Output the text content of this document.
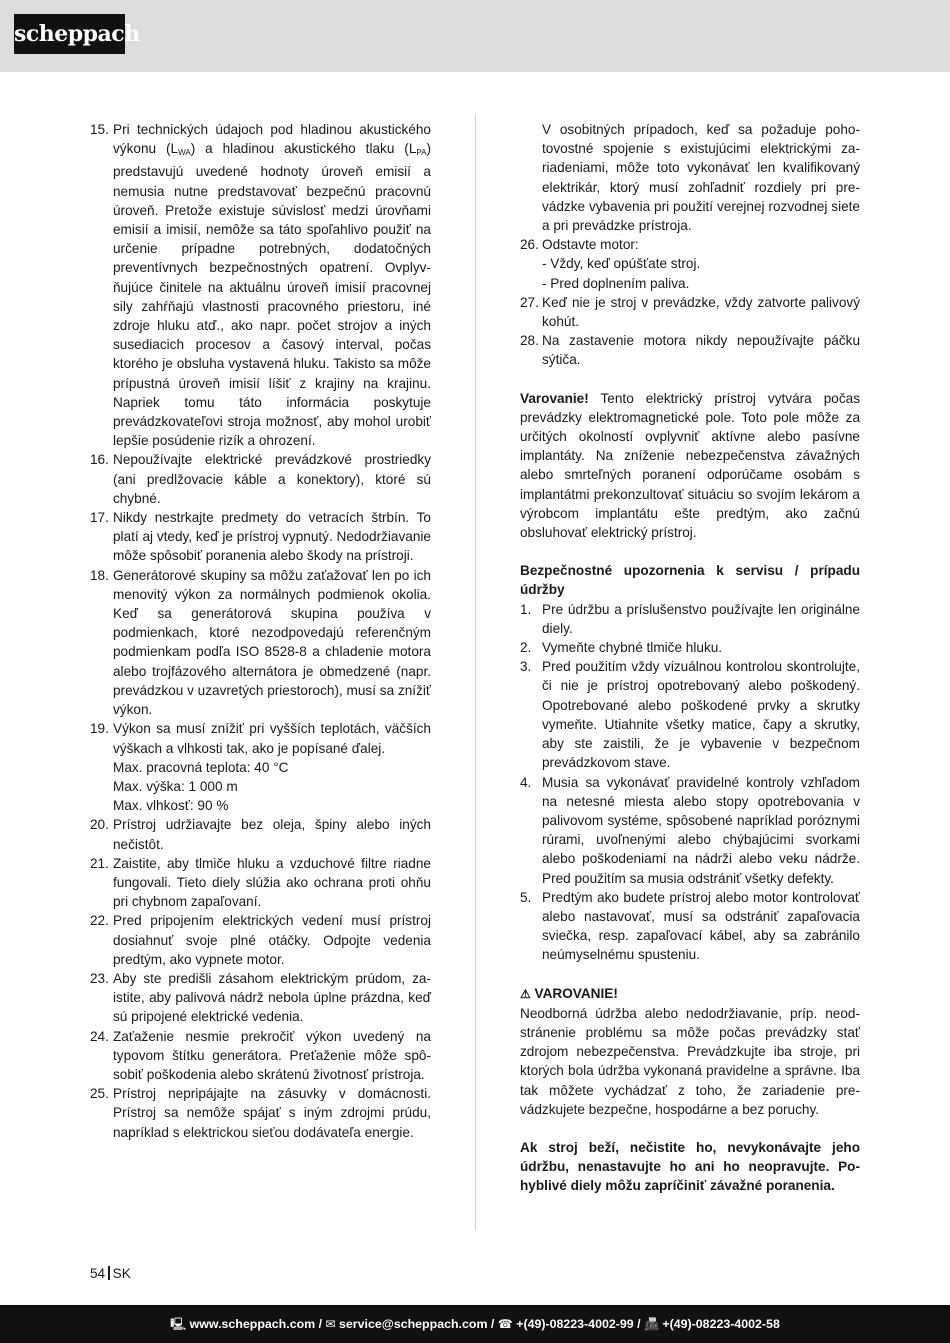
scheppach
15. Pri technických údajoch pod hladinou akustického výkonu $(L_{WA})$ a hladinou akustického tlaku $(L_{PA})$ predstavujú uvedené hodnoty úroveň emisií a nemusia nutne predstavovať bezpečnú pracovnú úroveň. Pretože existuje súvislosť medzi úrovňami emisií a imisií, nemôže sa táto spoľahlivo použiť na určenie prípadne potrebných, dodatočných preventívnych bezpečnostných opatrení. Ovplyvňujúce činitele na aktuálnu úroveň imisií pracovnej sily zahŕňajú vlastnosti pracovného priestoru, iné zdroje hluku atď., ako napr. počet strojov a iných susediacich procesov a časový interval, počas ktorého je obsluha vystavená hluku. Takisto sa môže prípustná úroveň imisií líšiť z krajiny na krajinu. Napriek tomu táto informácia poskytuje prevádzkovateľovi stroja možnosť, aby mohol urobiť lepšie posúdenie rizík a ohrození.
16. Nepoužívajte elektrické prevádzkové prostriedky (ani predlžovacie káble a konektory), ktoré sú chybné.
17. Nikdy nestrkajte predmety do vetracích štrbín. To platí aj vtedy, keď je prístroj vypnutý. Nedodržiavanie môže spôsobiť poranenia alebo škody na prístroji.
18. Generátorové skupiny sa môžu zaťažovať len po ich menovitý výkon za normálnych podmienok okolia. Keď sa generátorová skupina používa v podmienkach, ktoré nezodpovedajú referenčným podmienkam podľa ISO 8528-8 a chladenie motora alebo trojfázového alternátora je obmedzené (napr. prevádzkou v uzavretých priestoroch), musí sa znížiť výkon.
19. Výkon sa musí znížiť pri vyšších teplotách, väčších výškach a vlhkosti tak, ako je popísané ďalej.
Max. pracovná teplota: 40 °C
Max. výška: 1 000 m
Max. vlhkosť: 90 %
20. Prístroj udržiavajte bez oleja, špiny alebo iných nečistôt.
21. Zaistite, aby tlmiče hluku a vzduchové filtre riadne fungovali. Tieto diely slúžia ako ochrana proti ohňu pri chybnom zapaľovaní.
22. Pred pripojením elektrických vedení musí prístroj dosiahnuť svoje plné otáčky. Odpojte vedenia predtým, ako vypnete motor.
23. Aby ste predišli zásahom elektrickým prúdom, zaistite, aby palivová nádrž nebola úplne prázdna, keď sú pripojené elektrické vedenia.
24. Zaťaženie nesmie prekročiť výkon uvedený na typovom štítku generátora. Preťaženie môže spôsobiť poškodenia alebo skrátenú životnosť prístroja.
25. Prístroj nepripájajte na zásuvky v domácnosti. Prístroj sa nemôže spájať s iným zdrojmi prúdu, napríklad s elektrickou sieťou dodávateľa energie.
V osobitných prípadoch, keď sa požaduje pohotovostné spojenie s existujúcimi elektrickými zariadeniami, môže toto vykonávať len kvalifikovaný elektrikár, ktorý musí zohľadniť rozdiely pri prevádzke vybavenia pri použití verejnej rozvodnej siete a pri prevádzke prístroja.
26. Odstavte motor:
- Vždy, keď opúšťate stroj.
- Pred doplnením paliva.
27. Keď nie je stroj v prevádzke, vždy zatvorte palivový kohút.
28. Na zastavenie motora nikdy nepoužívajte páčku sýtiča.
Varovanie! Tento elektrický prístroj vytvára počas prevádzky elektromagnetické pole. Toto pole môže za určitých okolností ovplyvniť aktívne alebo pasívne implantáty. Na zníženie nebezpečenstva závažných alebo smrteľných poranení odporúčame osobám s implantátmi prekonzultovať situáciu so svojím lekárom a výrobcom implantátu ešte predtým, ako začnú obsluhovať elektrický prístroj.
Bezpečnostné upozornenia k servisu / prípadu údržby
1. Pre údržbu a príslušenstvo používajte len originálne diely.
2. Vymeňte chybné tlmiče hluku.
3. Pred použitím vždy vizuálnou kontrolou skontrolujte, či nie je prístroj opotrebovaný alebo poškodený. Opotrebované alebo poškodené prvky a skrutky vymeňte. Utiahnite všetky matice, čapy a skrutky, aby ste zaistili, že je vybavenie v bezpečnom prevádzkovom stave.
4. Musia sa vykonávať pravidelné kontroly vzhľadom na netesné miesta alebo stopy opotrebovania v palivovom systéme, spôsobené napríklad poróznymi rúrami, uvoľnenými alebo chýbajúcimi svorkami alebo poškodeniami na nádrži alebo veku nádrže. Pred použitím sa musia odstrániť všetky defekty.
5. Predtým ako budete prístroj alebo motor kontrolovať alebo nastavovať, musí sa odstrániť zapaľovacia sviečka, resp. zapaľovací kábel, aby sa zabránilo neúmyselnému spusteniu.
⚠ VAROVANIE!
Neodborná údržba alebo nedodržiavanie, príp. neodstránenie problému sa môže počas prevádzky stať zdrojom nebezpečenstva. Prevádzkujte iba stroje, pri ktorých bola údržba vykonaná pravidelne a správne. Iba tak môžete vychádzať z toho, že zariadenie prevádzkujete bezpečne, hospodárne a bez poruchy.
Ak stroj beží, nečistite ho, nevykonávajte jeho údržbu, nenastavujte ho ani ho neopravujte. Pohyblivé diely môžu zapríčiniť závažné poranenia.
54 SK
🖳 www.scheppach.com / ✉ service@scheppach.com / ☎ +(49)-08223-4002-99 / 📠 +(49)-08223-4002-58
